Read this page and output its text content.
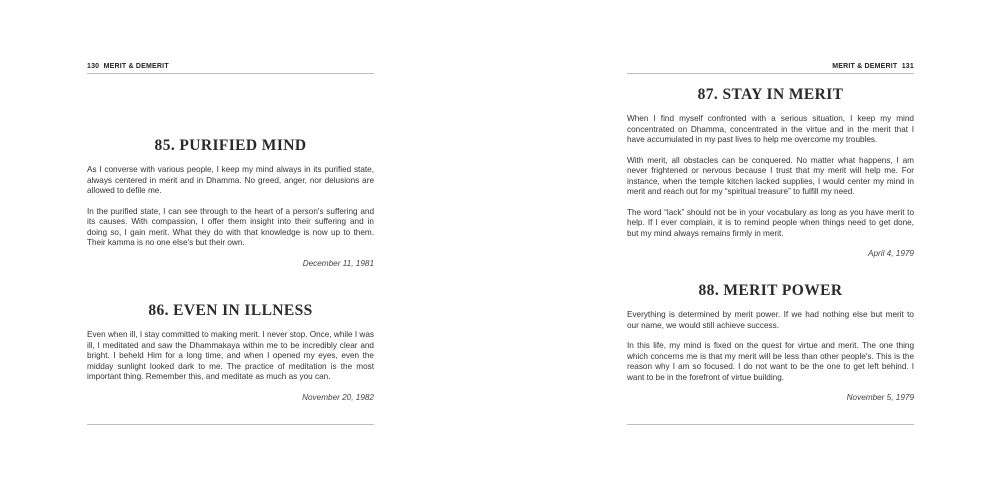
130 MERIT & DEMERIT
85. PURIFIED MIND

As I converse with various people, I keep my mind always in its purified state, always centered in merit and in Dhamma. No greed, anger, nor delusions are allowed to defile me.

In the purified state, I can see through to the heart of a person's suffering and its causes. With compassion, I offer them insight into their suffering and in doing so, I gain merit. What they do with that knowledge is now up to them. Their kamma is no one else's but their own.

December 11, 1981
86. EVEN IN ILLNESS

Even when ill, I stay committed to making merit. I never stop. Once, while I was ill, I meditated and saw the Dhammakaya within me to be incredibly clear and bright. I beheld Him for a long time, and when I opened my eyes, even the midday sunlight looked dark to me. The practice of meditation is the most important thing. Remember this, and meditate as much as you can.

November 20, 1982
MERIT & DEMERIT 131
87. STAY IN MERIT

When I find myself confronted with a serious situation, I keep my mind concentrated on Dhamma, concentrated in the virtue and in the merit that I have accumulated in my past lives to help me overcome my troubles.

With merit, all obstacles can be conquered. No matter what happens, I am never frightened or nervous because I trust that my merit will help me. For instance, when the temple kitchen lacked supplies, I would center my mind in merit and reach out for my “spiritual treasure” to fulfill my need.

The word “lack” should not be in your vocabulary as long as you have merit to help. If I ever complain, it is to remind people when things need to get done, but my mind always remains firmly in merit.

April 4, 1979
88. MERIT POWER

Everything is determined by merit power. If we had nothing else but merit to our name, we would still achieve success.

In this life, my mind is fixed on the quest for virtue and merit. The one thing which concerns me is that my merit will be less than other people's. This is the reason why I am so focused. I do not want to be the one to get left behind. I want to be in the forefront of virtue building.

November 5, 1979
